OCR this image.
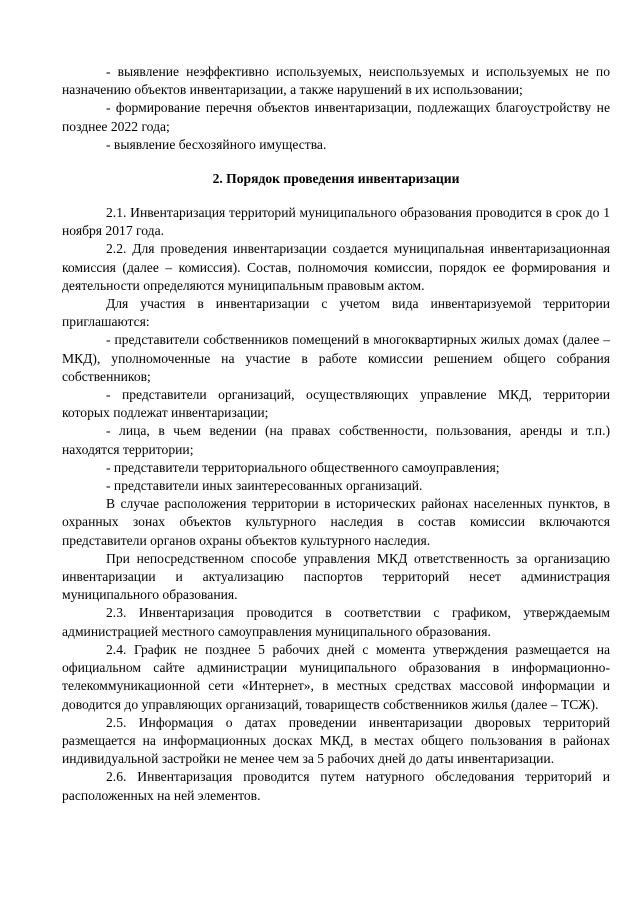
- выявление неэффективно используемых, неиспользуемых и используемых не по назначению объектов инвентаризации, а также нарушений в их использовании;

- формирование перечня объектов инвентаризации, подлежащих благоустройству не позднее 2022 года;

- выявление бесхозяйного имущества.

2. Порядок проведения инвентаризации

2.1. Инвентаризация территорий муниципального образования проводится в срок до 1 ноября 2017 года.

2.2. Для проведения инвентаризации создается муниципальная инвентаризационная комиссия (далее – комиссия). Состав, полномочия комиссии, порядок ее формирования и деятельности определяются муниципальным правовым актом.

Для участия в инвентаризации с учетом вида инвентаризуемой территории приглашаются:

- представители собственников помещений в многоквартирных жилых домах (далее – МКД), уполномоченные на участие в работе комиссии решением общего собрания собственников;

- представители организаций, осуществляющих управление МКД, территории которых подлежат инвентаризации;

- лица, в чьем ведении (на правах собственности, пользования, аренды и т.п.) находятся территории;

- представители территориального общественного самоуправления;

- представители иных заинтересованных организаций.

В случае расположения территории в исторических районах населенных пунктов, в охранных зонах объектов культурного наследия в состав комиссии включаются представители органов охраны объектов культурного наследия.

При непосредственном способе управления МКД ответственность за организацию инвентаризации и актуализацию паспортов территорий несет администрация муниципального образования.

2.3. Инвентаризация проводится в соответствии с графиком, утверждаемым администрацией местного самоуправления муниципального образования.

2.4. График не позднее 5 рабочих дней с момента утверждения размещается на официальном сайте администрации муниципального образования в информационно-телекоммуникационной сети «Интернет», в местных средствах массовой информации и доводится до управляющих организаций, товариществ собственников жилья (далее – ТСЖ).

2.5. Информация о датах проведении инвентаризации дворовых территорий размещается на информационных досках МКД, в местах общего пользования в районах индивидуальной застройки не менее чем за 5 рабочих дней до даты инвентаризации.

2.6. Инвентаризация проводится путем натурного обследования территорий и расположенных на ней элементов.
